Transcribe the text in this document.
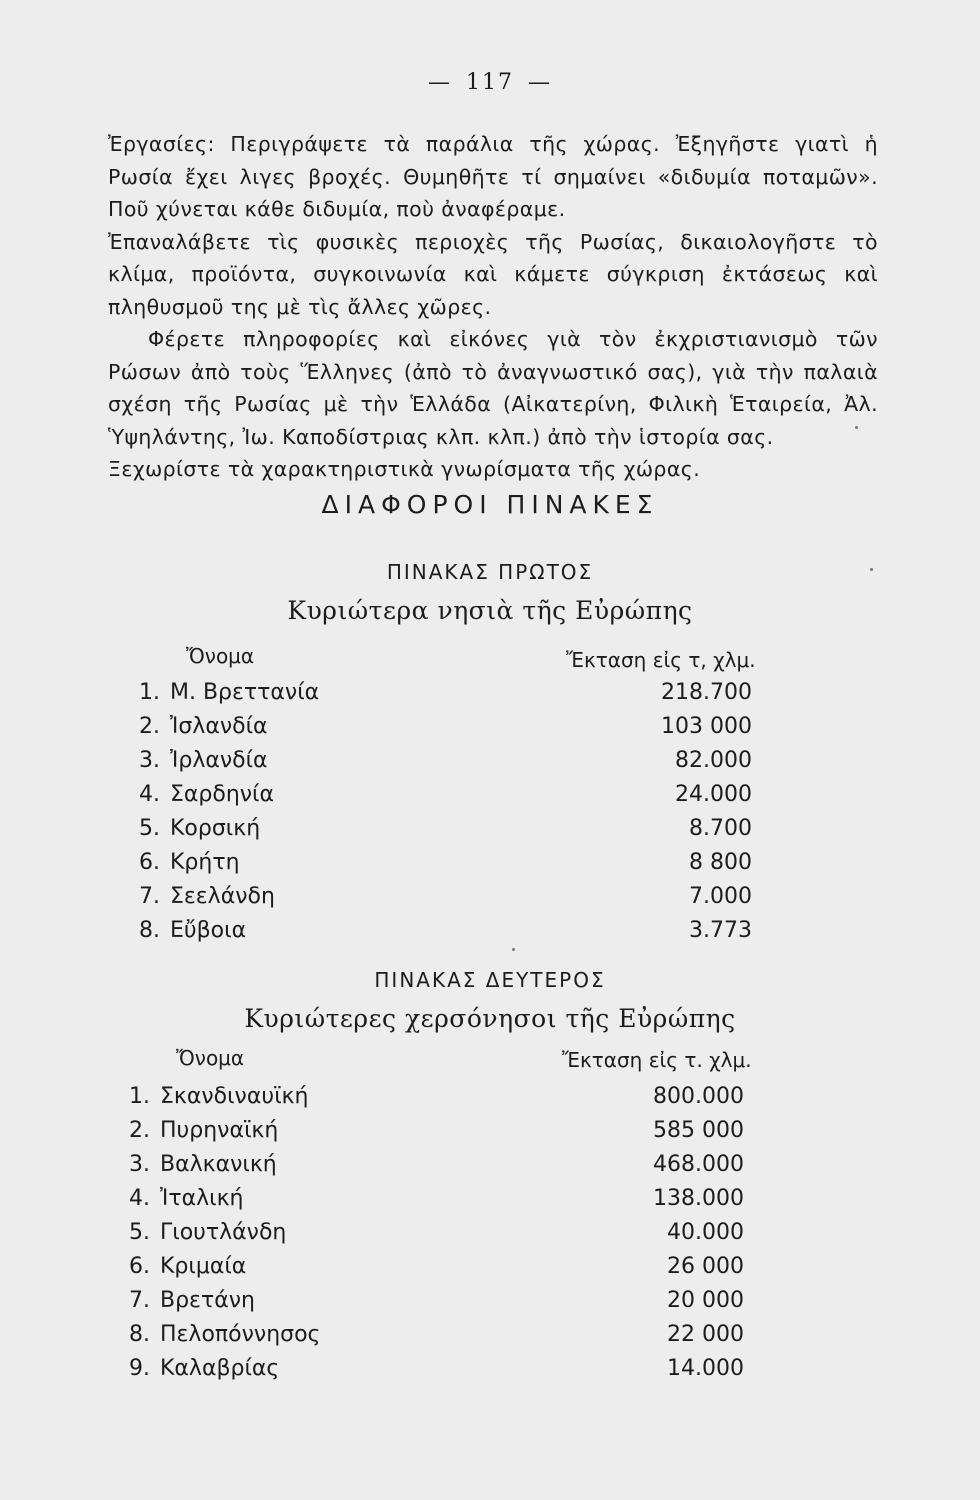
— 117 —

Ἐργασίες: Περιγράψετε τὰ παράλια τῆς χώρας. Ἐξηγῆστε γιατὶ ἡ Ρωσία ἔχει λιγες βροχές. Θυμηθῆτε τί σημαίνει «διδυμία ποταμῶν». Ποῦ χύνεται κάθε διδυμία, ποὺ ἀναφέραμε.

Ἐπαναλάβετε τὶς φυσικὲς περιοχὲς τῆς Ρωσίας, δικαιολογῆστε τὸ κλίμα, προϊόντα, συγκοινωνία καὶ κάμετε σύγκριση ἐκτάσεως καὶ πληθυσμοῦ της μὲ τὶς ἄλλες χῶρες.

Φέρετε πληροφορίες καὶ εἰκόνες γιὰ τὸν ἐκχριστιανισμὸ τῶν Ρώσων ἀπὸ τοὺς Ἕλληνες (ἀπὸ τὸ ἀναγνωστικό σας), γιὰ τὴν παλαιὰ σχέση τῆς Ρωσίας μὲ τὴν Ἑλλάδα (Αἰκατερίνη, Φιλικὴ Ἑταιρεία, Ἀλ. Ὑψηλάντης, Ἰω. Καποδίστριας κλπ. κλπ.) ἀπὸ τὴν ἱστορία σας.

Ξεχωρίστε τὰ χαρακτηριστικὰ γνωρίσματα τῆς χώρας.

ΔΙΑΦΟΡΟΙ ΠΙΝΑΚΕΣ
ΠΙΝΑΚΑΣ ΠΡΩΤΟΣ
Κυριώτερα νησιὰ τῆς Εὐρώπης
Ὄνομα	Ἔκταση εἰς τ, χλμ.
1. Μ. Βρεττανία	218.700
2. Ἰσλανδία	103 000
3. Ἰρλανδία	82.000
4. Σαρδηνία	24.000
5. Κορσική	8.700
6. Κρήτη	8 800
7. Σεελάνδη	7.000
8. Εὔβοια	3.773
ΠΙΝΑΚΑΣ ΔΕΥΤΕΡΟΣ
Κυριώτερες χερσόνησοι τῆς Εὐρώπης
Ὄνομα	Ἔκταση εἰς τ. χλμ.
1. Σκανδιναυϊκή	800.000
2. Πυρηναϊκή	585 000
3. Βαλκανική	468.000
4. Ἰταλική	138.000
5. Γιουτλάνδη	40.000
6. Κριμαία	26 000
7. Βρετάνη	20 000
8. Πελοπόννησος	22 000
9. Καλαβρίας	14.000
